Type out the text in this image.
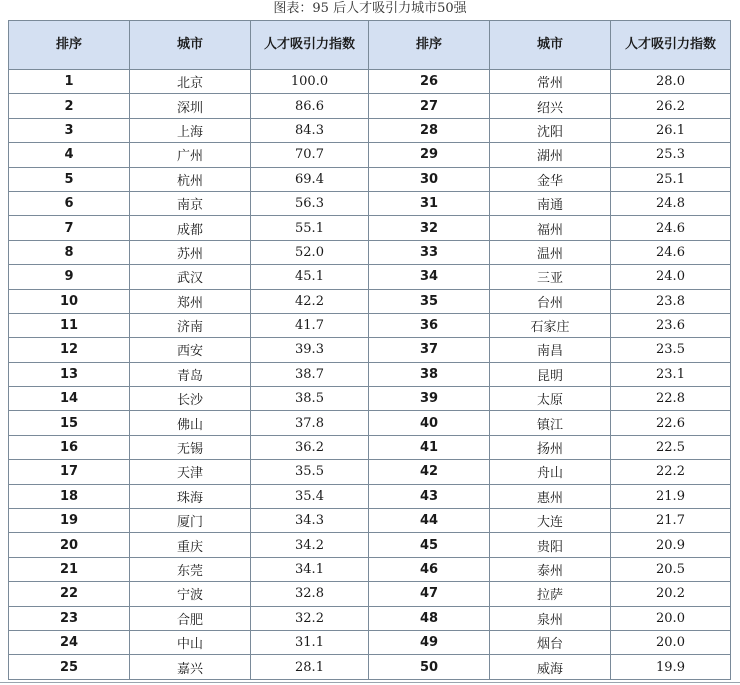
图表：95 后人才吸引力城市50强
排序	城市	人才吸引力指数	排序	城市	人才吸引力指数
1	北京	100.0	26	常州	28.0
2	深圳	86.6	27	绍兴	26.2
3	上海	84.3	28	沈阳	26.1
4	广州	70.7	29	湖州	25.3
5	杭州	69.4	30	金华	25.1
6	南京	56.3	31	南通	24.8
7	成都	55.1	32	福州	24.6
8	苏州	52.0	33	温州	24.6
9	武汉	45.1	34	三亚	24.0
10	郑州	42.2	35	台州	23.8
11	济南	41.7	36	石家庄	23.6
12	西安	39.3	37	南昌	23.5
13	青岛	38.7	38	昆明	23.1
14	长沙	38.5	39	太原	22.8
15	佛山	37.8	40	镇江	22.6
16	无锡	36.2	41	扬州	22.5
17	天津	35.5	42	舟山	22.2
18	珠海	35.4	43	惠州	21.9
19	厦门	34.3	44	大连	21.7
20	重庆	34.2	45	贵阳	20.9
21	东莞	34.1	46	泰州	20.5
22	宁波	32.8	47	拉萨	20.2
23	合肥	32.2	48	泉州	20.0
24	中山	31.1	49	烟台	20.0
25	嘉兴	28.1	50	威海	19.9
